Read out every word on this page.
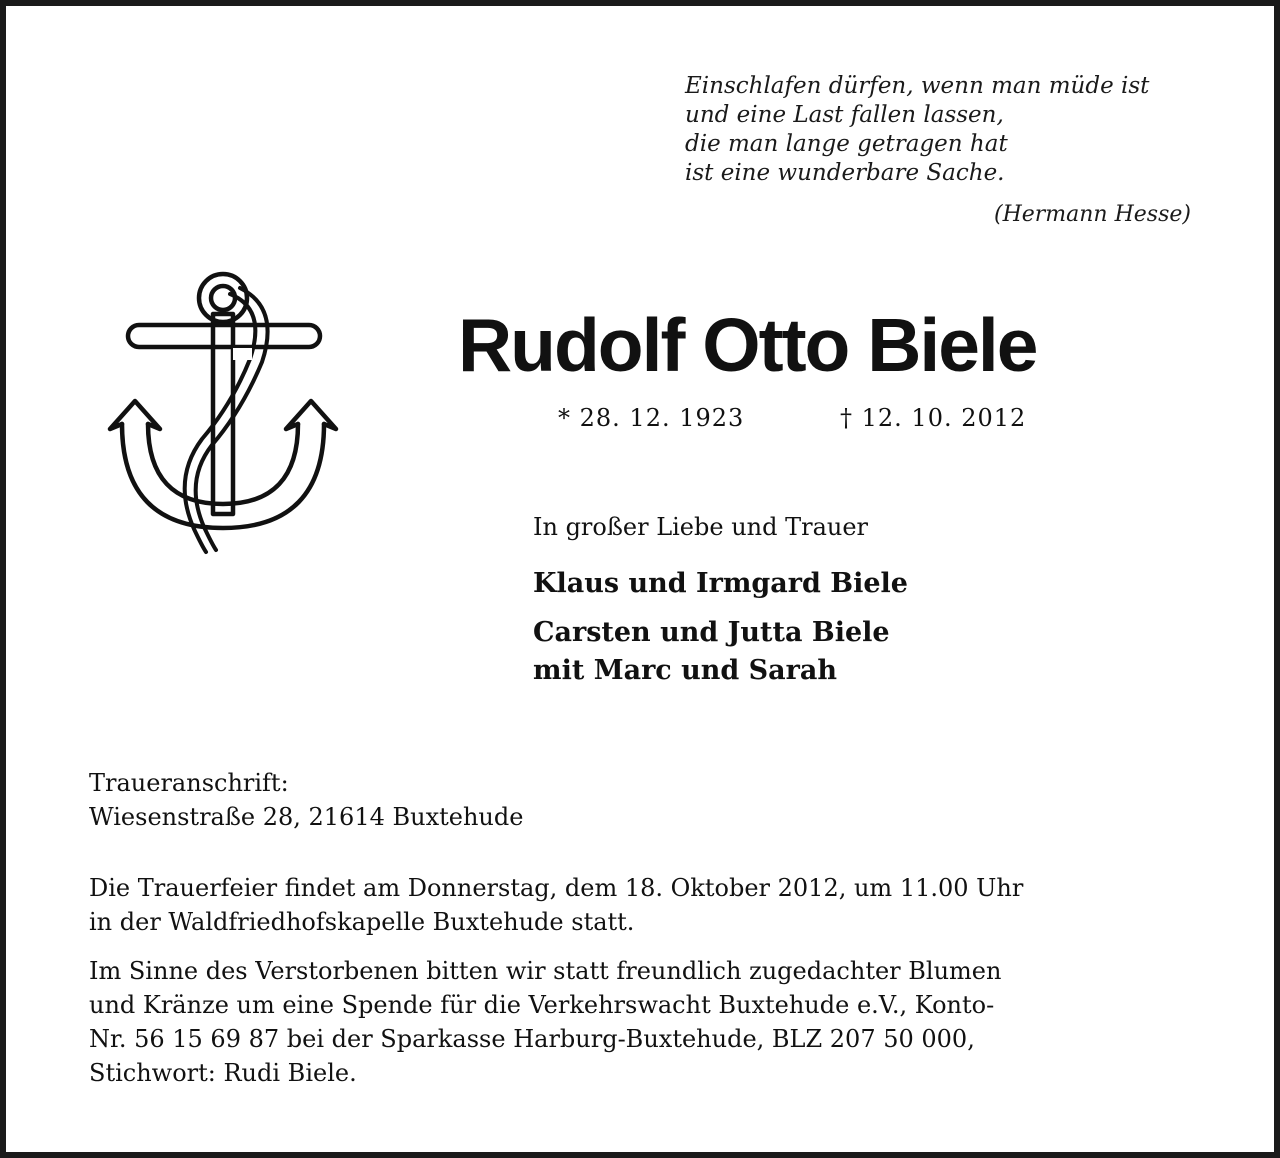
Einschlafen dürfen, wenn man müde ist
und eine Last fallen lassen,
die man lange getragen hat
ist eine wunderbare Sache.
(Hermann Hesse)
Rudolf Otto Biele
* 28. 12. 1923	† 12. 10. 2012
In großer Liebe und Trauer
Klaus und Irmgard Biele
Carsten und Jutta Biele
mit Marc und Sarah
Traueranschrift:
Wiesenstraße 28, 21614 Buxtehude
Die Trauerfeier findet am Donnerstag, dem 18. Oktober 2012, um 11.00 Uhr
in der Waldfriedhofskapelle Buxtehude statt.
Im Sinne des Verstorbenen bitten wir statt freundlich zugedachter Blumen
und Kränze um eine Spende für die Verkehrswacht Buxtehude e.V., Konto-
Nr. 56 15 69 87 bei der Sparkasse Harburg-Buxtehude, BLZ 207 50 000,
Stichwort: Rudi Biele.
